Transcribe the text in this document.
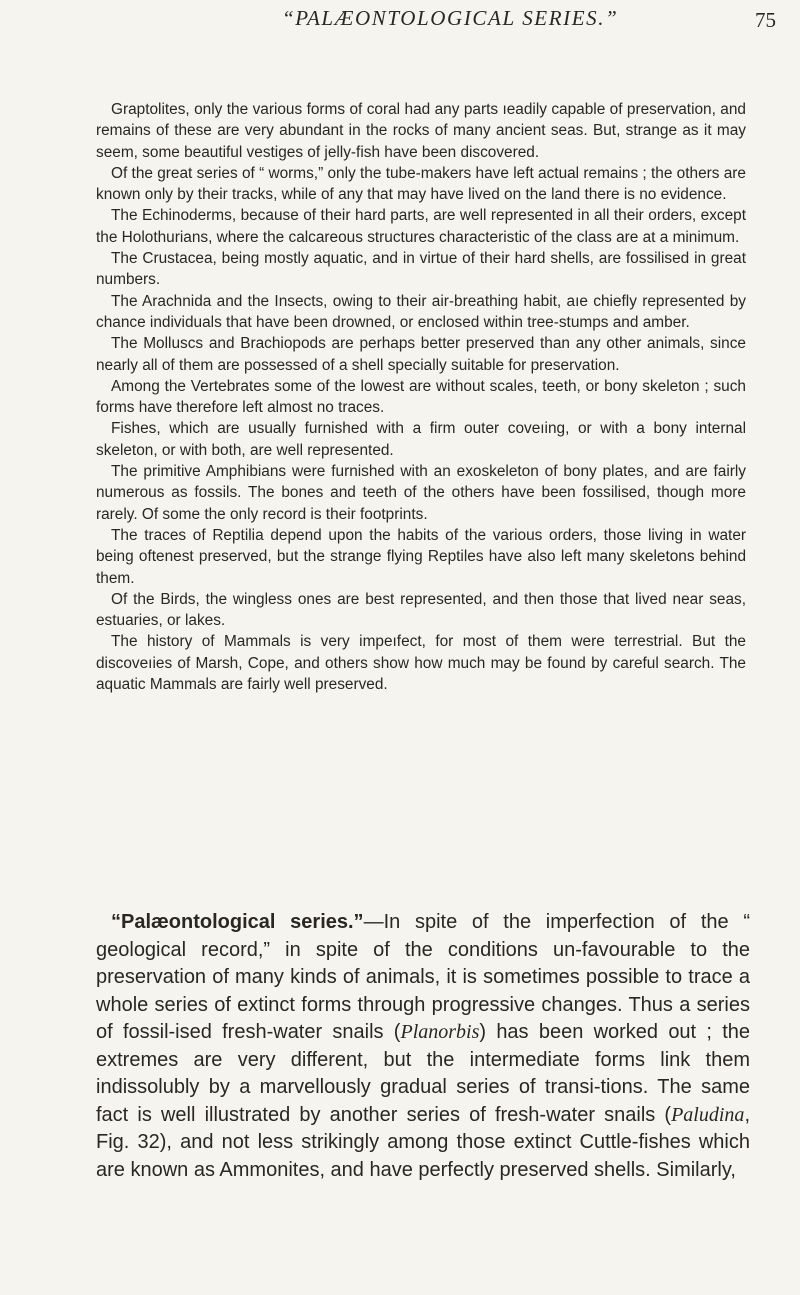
“PALÆONTOLOGICAL SERIES.”	75

Graptolites, only the various forms of coral had any parts ıeadily capable of preservation, and remains of these are very abundant in the rocks of many ancient seas. But, strange as it may seem, some beautiful vestiges of jelly-fish have been discovered.

Of the great series of “ worms,” only the tube-makers have left actual remains ; the others are known only by their tracks, while of any that may have lived on the land there is no evidence.

The Echinoderms, because of their hard parts, are well represented in all their orders, except the Holothurians, where the calcareous structures characteristic of the class are at a minimum.

The Crustacea, being mostly aquatic, and in virtue of their hard shells, are fossilised in great numbers.

The Arachnida and the Insects, owing to their air-breathing habit, aıe chiefly represented by chance individuals that have been drowned, or enclosed within tree-stumps and amber.

The Molluscs and Brachiopods are perhaps better preserved than any other animals, since nearly all of them are possessed of a shell specially suitable for preservation.

Among the Vertebrates some of the lowest are without scales, teeth, or bony skeleton ; such forms have therefore left almost no traces.

Fishes, which are usually furnished with a firm outer coveıing, or with a bony internal skeleton, or with both, are well represented.

The primitive Amphibians were furnished with an exoskeleton of bony plates, and are fairly numerous as fossils. The bones and teeth of the others have been fossilised, though more rarely. Of some the only record is their footprints.

The traces of Reptilia depend upon the habits of the various orders, those living in water being oftenest preserved, but the strange flying Reptiles have also left many skeletons behind them.

Of the Birds, the wingless ones are best represented, and then those that lived near seas, estuaries, or lakes.

The history of Mammals is very impeıfect, for most of them were terrestrial. But the discoveıies of Marsh, Cope, and others show how much may be found by careful search. The aquatic Mammals are fairly well preserved.

“Palæontological series.”—In spite of the imperfection of the “ geological record,” in spite of the conditions un-favourable to the preservation of many kinds of animals, it is sometimes possible to trace a whole series of extinct forms through progressive changes. Thus a series of fossil-ised fresh-water snails (Planorbis) has been worked out ; the extremes are very different, but the intermediate forms link them indissolubly by a marvellously gradual series of transi-tions. The same fact is well illustrated by another series of fresh-water snails (Paludina, Fig. 32), and not less strikingly among those extinct Cuttle-fishes which are known as Ammonites, and have perfectly preserved shells. Similarly,
